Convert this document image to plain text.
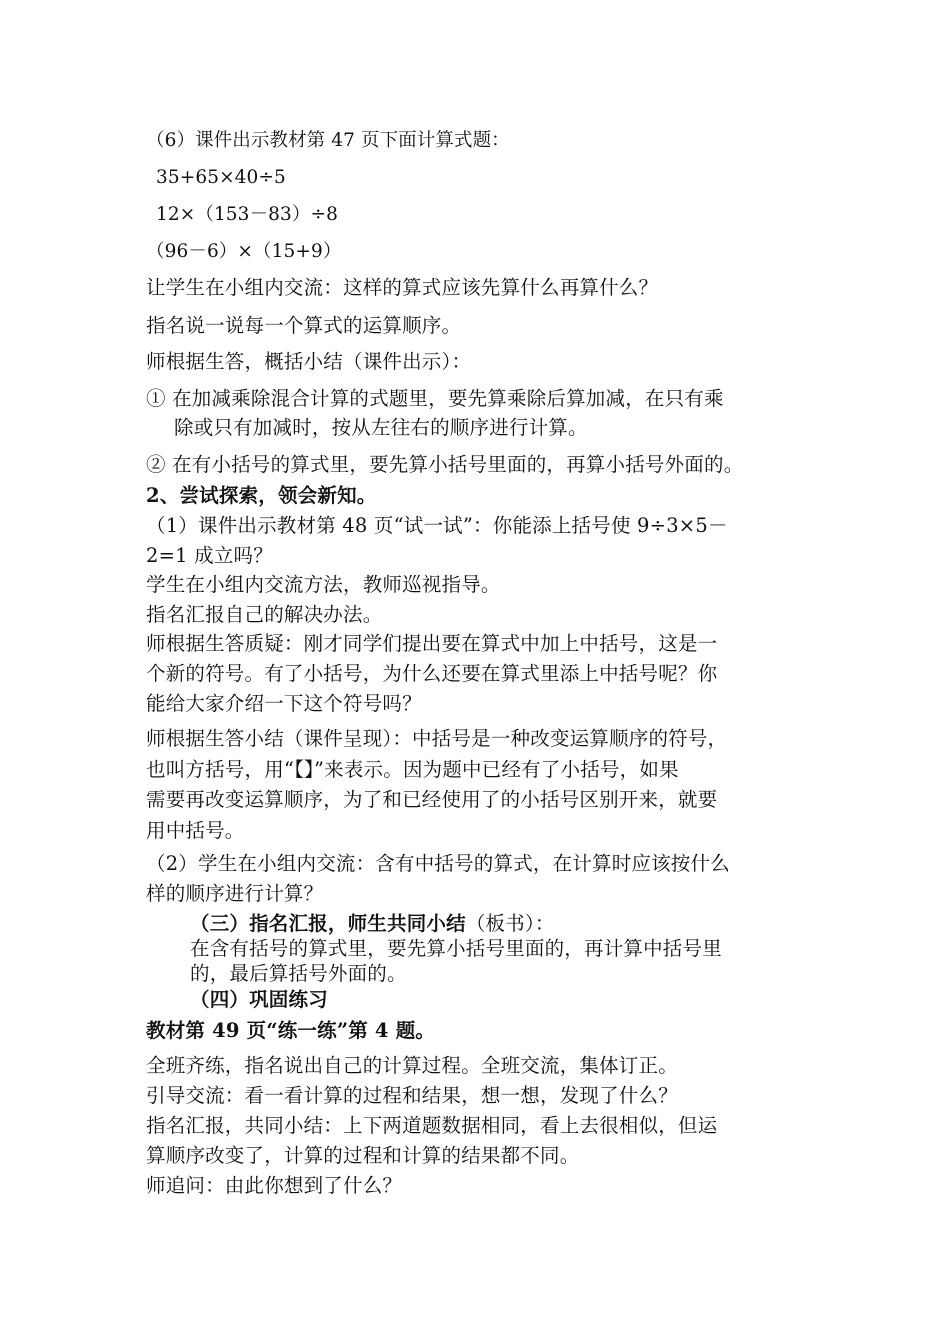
（6）课件出示教材第 47 页下面计算式题：
35+65×40÷5
12×（153－83）÷8
（96－6）×（15+9）
让学生在小组内交流：这样的算式应该先算什么再算什么？
指名说一说每一个算式的运算顺序。
师根据生答，概括小结（课件出示）：
① 在加减乘除混合计算的式题里，要先算乘除后算加减，在只有乘
除或只有加减时，按从左往右的顺序进行计算。
② 在有小括号的算式里，要先算小括号里面的，再算小括号外面的。
2、尝试探索，领会新知。
（1）课件出示教材第 48 页“试一试”：你能添上括号使 9÷3×5－
2=1 成立吗？
学生在小组内交流方法，教师巡视指导。
指名汇报自己的解决办法。
师根据生答质疑：刚才同学们提出要在算式中加上中括号，这是一
个新的符号。有了小括号，为什么还要在算式里添上中括号呢？你
能给大家介绍一下这个符号吗？
师根据生答小结（课件呈现）：中括号是一种改变运算顺序的符号，
也叫方括号，用“【】”来表示。因为题中已经有了小括号，如果
需要再改变运算顺序，为了和已经使用了的小括号区别开来，就要
用中括号。
（2）学生在小组内交流：含有中括号的算式，在计算时应该按什么
样的顺序进行计算？
（三）指名汇报，师生共同小结（板书）：
在含有括号的算式里，要先算小括号里面的，再计算中括号里
的，最后算括号外面的。
（四）巩固练习
教材第 49 页“练一练”第 4 题。
全班齐练，指名说出自己的计算过程。全班交流，集体订正。
引导交流：看一看计算的过程和结果，想一想，发现了什么？
指名汇报，共同小结：上下两道题数据相同，看上去很相似，但运
算顺序改变了，计算的过程和计算的结果都不同。
师追问：由此你想到了什么？
